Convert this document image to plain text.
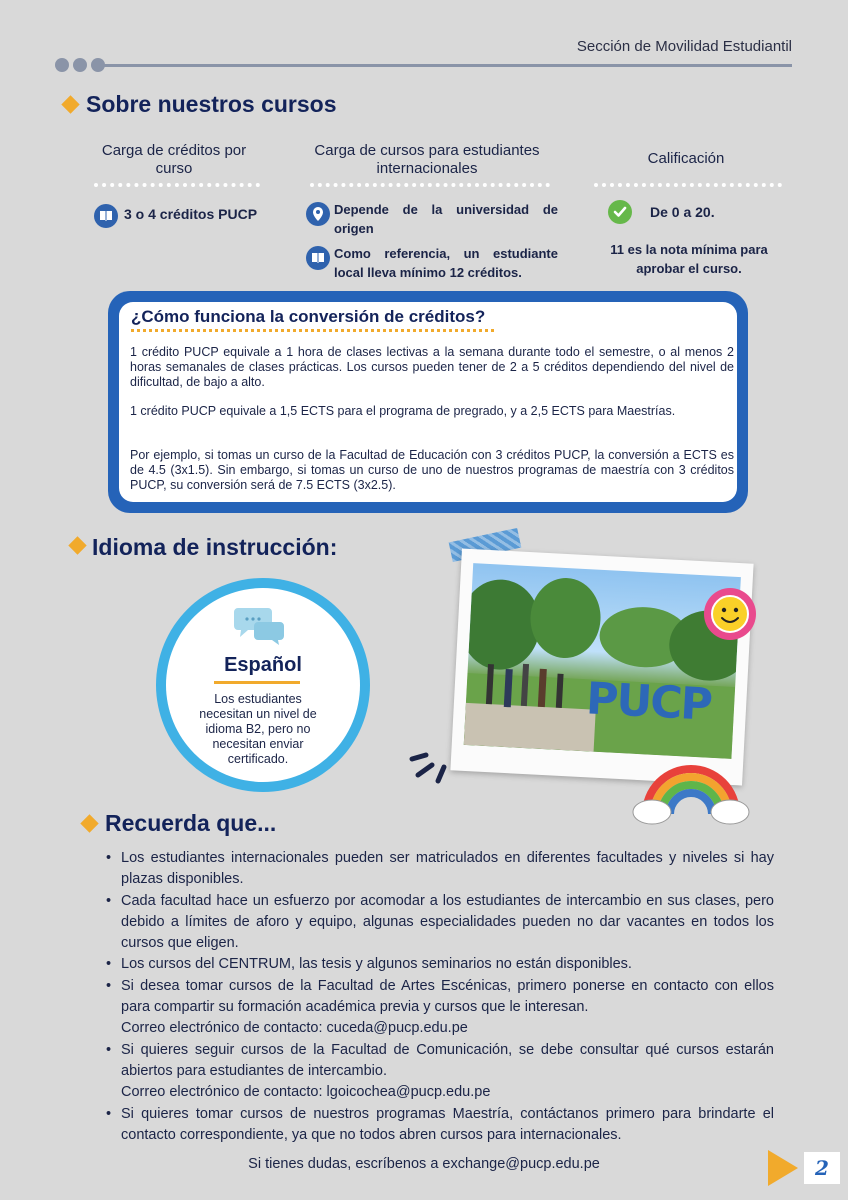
Sección de Movilidad Estudiantil
Sobre nuestros cursos
Carga de créditos por curso
3 o 4 créditos PUCP
Carga de cursos para estudiantes internacionales
Depende de la universidad de origen
Como referencia, un estudiante local lleva mínimo 12 créditos.
Calificación
De 0 a 20.
11 es la nota mínima para aprobar el curso.
¿Cómo funciona la conversión de créditos?
1 crédito PUCP equivale a 1 hora de clases lectivas a la semana durante todo el semestre, o al menos 2 horas semanales de clases prácticas. Los cursos pueden tener de 2 a 5 créditos dependiendo del nivel de dificultad, de bajo a alto.
1 crédito PUCP equivale a 1,5 ECTS para el programa de pregrado, y a 2,5 ECTS para Maestrías.
Por ejemplo, si tomas un curso de la Facultad de Educación con 3 créditos PUCP, la conversión a ECTS es de 4.5 (3x1.5). Sin embargo, si tomas un curso de uno de nuestros programas de maestría con 3 créditos PUCP, su conversión será de 7.5 ECTS (3x2.5).
Idioma de instrucción:
Español
Los estudiantes necesitan un nivel de idioma B2, pero no necesitan enviar certificado.
PUCP
Recuerda que...
• Los estudiantes internacionales pueden ser matriculados en diferentes facultades y niveles si hay plazas disponibles.
• Cada facultad hace un esfuerzo por acomodar a los estudiantes de intercambio en sus clases, pero debido a límites de aforo y equipo, algunas especialidades pueden no dar vacantes en todos los cursos que eligen.
• Los cursos del CENTRUM, las tesis y algunos seminarios no están disponibles.
• Si desea tomar cursos de la Facultad de Artes Escénicas, primero ponerse en contacto con ellos para compartir su formación académica previa y cursos que le interesan.
Correo electrónico de contacto: cuceda@pucp.edu.pe
• Si quieres seguir cursos de la Facultad de Comunicación, se debe consultar qué cursos estarán abiertos para estudiantes de intercambio.
Correo electrónico de contacto: lgoicochea@pucp.edu.pe
• Si quieres tomar cursos de nuestros programas Maestría, contáctanos primero para brindarte el contacto correspondiente, ya que no todos abren cursos para internacionales.
Si tienes dudas, escríbenos a exchange@pucp.edu.pe	2
